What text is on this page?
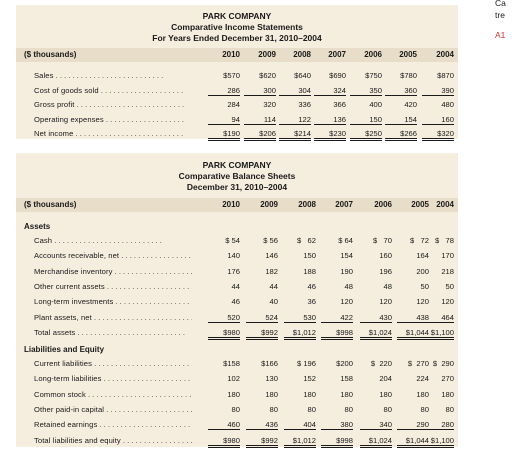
Ca
tre
A1
PARK COMPANY
Comparative Income Statements
For Years Ended December 31, 2010–2004
($ thousands)	2010 2009 2008 2007 2006 2005 2004
Sales . . .	$570	$620	$640	$690	$750	$780	$870
Cost of goods sold . . .	286	300	304	324	350	360	390
Gross profit . . .	284	320	336	366	400	420	480
Operating expenses . . .	94	114	122	136	150	154	160
Net income . . .	$190	$206	$214	$230	$250	$266	$320
PARK COMPANY
Comparative Balance Sheets
December 31, 2010–2004
($ thousands)	2010	2009	2008 2007	2006 2005 2004
Assets
Liabilities and Equity
Cash . . .	$ 54	$ 56	$   62	$ 64	$   70	$   72 $   78
Accounts receivable, net . . .	140	146	150	154	160	164	170
Merchandise inventory . . .	176	182	188	190	196	200	218
Other current assets . . .	44	44	46	48	48	50	50
Long-term investments . . .	46	40	36	120	120	120	120
Plant assets, net . . .	520	524	530	422	430	438	464
Total assets . . .	$980	$992	$1,012	$998	$1,024	$1,044 $1,100
Current liabilities . . .	$158	$166	$ 196	$200	$  220	$  270 $  290
Long-term liabilities . . .	102	130	152	158	204	224	270
Common stock . . .	180	180	180	180	180	180	180
Other paid-in capital . . .	80	80	80	80	80	80	80
Retained earnings . . .	460	436	404	380	340	290	280
Total liabilities and equity . . .	$980	$992	$1,012	$998	$1,024	$1,044 $1,100
